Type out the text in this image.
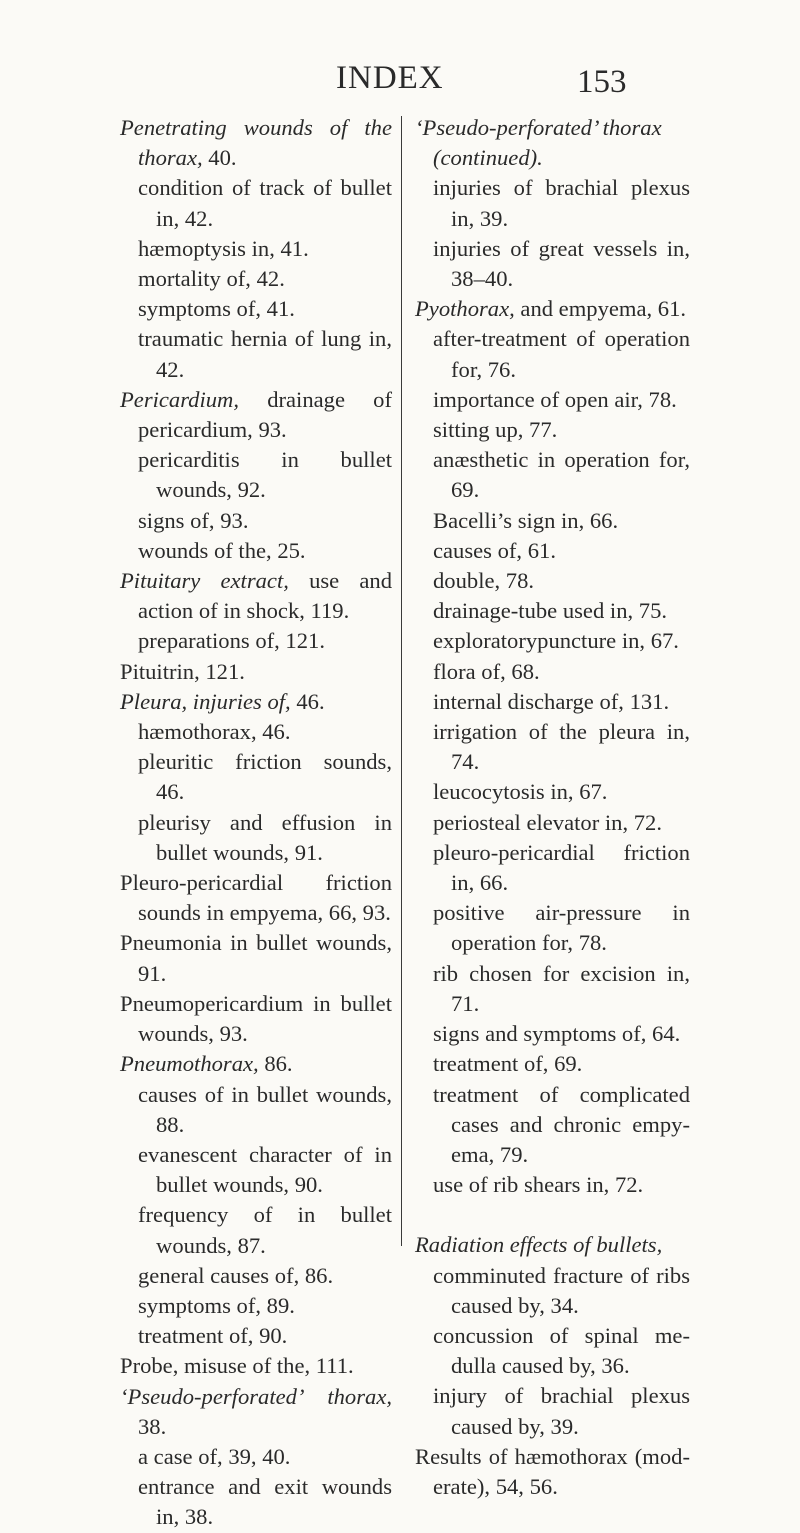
INDEX	153
Penetrating wounds of the thorax, 40.
condition of track of bullet in, 42.
hæmoptysis in, 41.
mortality of, 42.
symptoms of, 41.
traumatic hernia of lung in, 42.
Pericardium, drainage of pericardium, 93.
pericarditis in bullet wounds, 92.
signs of, 93.
wounds of the, 25.
Pituitary extract, use and action of in shock, 119.
preparations of, 121.
Pituitrin, 121.
Pleura, injuries of, 46.
hæmothorax, 46.
pleuritic friction sounds, 46.
pleurisy and effusion in bullet wounds, 91.
Pleuro-pericardial friction sounds in empyema, 66, 93.
Pneumonia in bullet wounds, 91.
Pneumopericardium in bullet wounds, 93.
Pneumothorax, 86.
causes of in bullet wounds, 88.
evanescent character of in bullet wounds, 90.
frequency of in bullet wounds, 87.
general causes of, 86.
symptoms of, 89.
treatment of, 90.
Probe, misuse of the, 111.
‘Pseudo-perforated’ thorax, 38.
a case of, 39, 40.
entrance and exit wounds in, 38.
‘Pseudo-perforated’ thorax
(continued).
injuries of brachial plexus in, 39.
injuries of great vessels in, 38–40.
Pyothorax, and empyema, 61.
after-treatment of operation for, 76.
importance of open air, 78.
sitting up, 77.
anæsthetic in operation for, 69.
Bacelli’s sign in, 66.
causes of, 61.
double, 78.
drainage-tube used in, 75.
exploratorypuncture in, 67.
flora of, 68.
internal discharge of, 131.
irrigation of the pleura in, 74.
leucocytosis in, 67.
periosteal elevator in, 72.
pleuro-pericardial friction in, 66.
positive air-pressure in operation for, 78.
rib chosen for excision in, 71.
signs and symptoms of, 64.
treatment of, 69.
treatment of complicated cases and chronic empyema, 79.
use of rib shears in, 72.
Radiation effects of bullets,
comminuted fracture of ribs caused by, 34.
concussion of spinal medulla caused by, 36.
injury of brachial plexus caused by, 39.
Results of hæmothorax (moderate), 54, 56.
